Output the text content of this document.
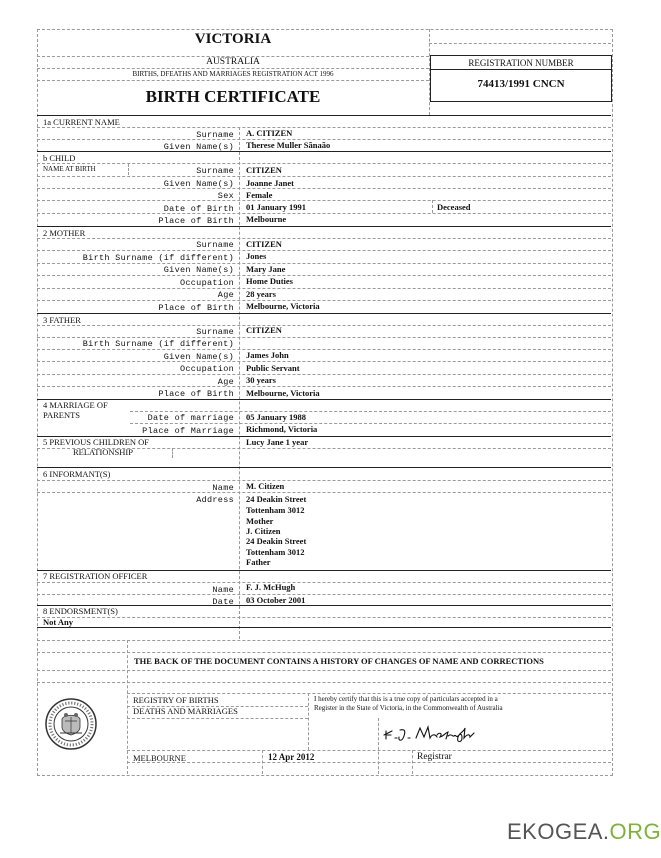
VICTORIA
AUSTRALIA
BIRTHS, DFEATHS AND MARRIAGES REGISTRATION ACT 1996
BIRTH CERTIFICATE
REGISTRATION NUMBER
74413/1991 CNCN
1a CURRENT NAME
Surname A. CITIZEN
Given Name(s) Therese Muller Sãnaão
b CHILD
NAME AT BIRTH	Surname CITIZEN
Given Name(s) Joanne Janet
Sex Female
Date of Birth 01 January 1991	Deceased
Place of Birth Melbourne
2 MOTHER
Surname CITIZEN
Birth Surname (if different) Jones
Given Name(s) Mary Jane
Occupation Home Duties
Age 28 years
Place of Birth Melbourne, Victoria
3 FATHER
Surname CITIZEN
Birth Surname (if different)
Given Name(s) James John
Occupation Public Servant
Age 30 years
Place of Birth Melbourne, Victoria
4 MARRIAGE OF
PARENTS	Date of marriage 05 January 1988
Place of Marriage Richmond, Victoria
5 PREVIOUS CHILDREN OF
RELATIONSHIP
Lucy Jane 1 year
6 INFORMANT(S)
Name M. Citizen
Address 24 Deakin Street
Tottenham 3012
Mother
J. Citizen
24 Deakin Street
Tottenham 3012
Father
7 REGISTRATION OFFICER
Name F. J. McHugh
Date 03 October 2001
8 ENDORSMENT(S)
Not Any
THE BACK OF THE DOCUMENT CONTAINS A HISTORY OF CHANGES OF NAME AND CORRECTIONS
REGISTRY OF BIRTHS
DEATHS AND MARRIAGES
I hereby certify that this is a true copy of particulars accepted in a
Register in the State of Victoria, in the Commonwealth of Australia
MELBOURNE	12 Apr 2012	Registrar
EKOGEA.ORG
